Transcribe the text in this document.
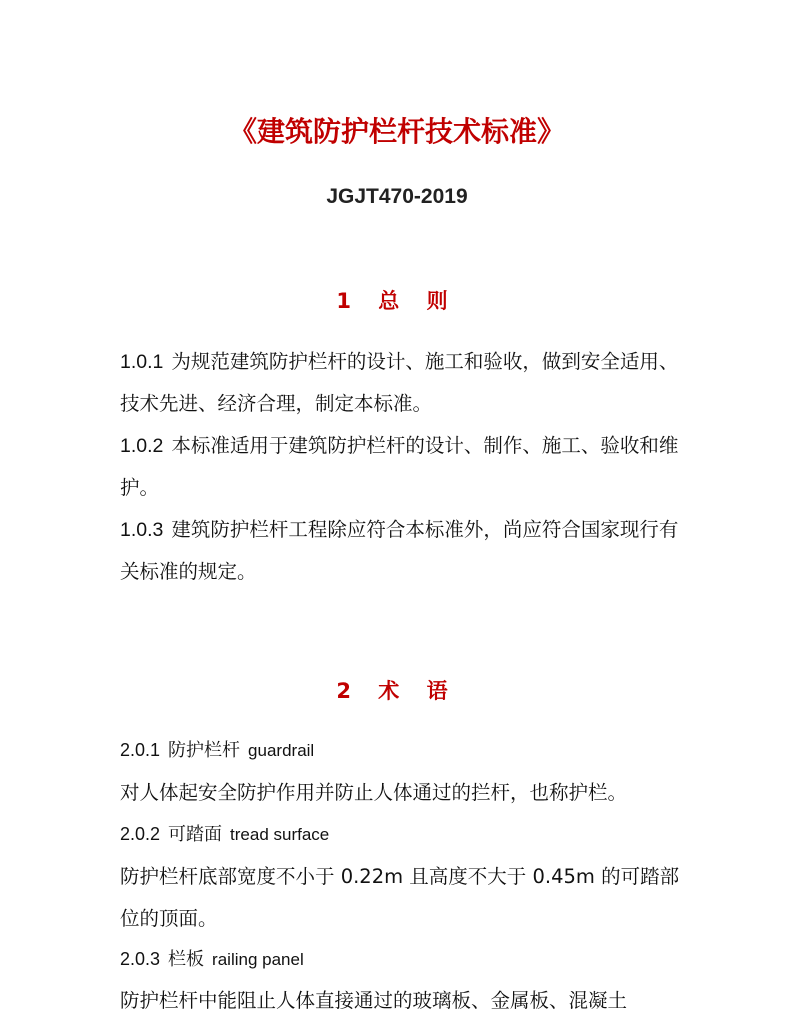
《建筑防护栏杆技术标准》
JGJT470-2019
1 总 则
1.0.1 为规范建筑防护栏杆的设计、施工和验收，做到安全适用、技术先进、经济合理，制定本标准。
1.0.2 本标准适用于建筑防护栏杆的设计、制作、施工、验收和维护。
1.0.3 建筑防护栏杆工程除应符合本标准外，尚应符合国家现行有关标准的规定。
2 术 语
2.0.1 防护栏杆 guardrail
对人体起安全防护作用并防止人体通过的拦杆，也称护栏。
2.0.2 可踏面 tread surface
防护栏杆底部宽度不小于 0.22m 且高度不大于 0.45m 的可踏部位的顶面。
2.0.3 栏板 railing panel
防护栏杆中能阻止人体直接通过的玻璃板、金属板、混凝土
